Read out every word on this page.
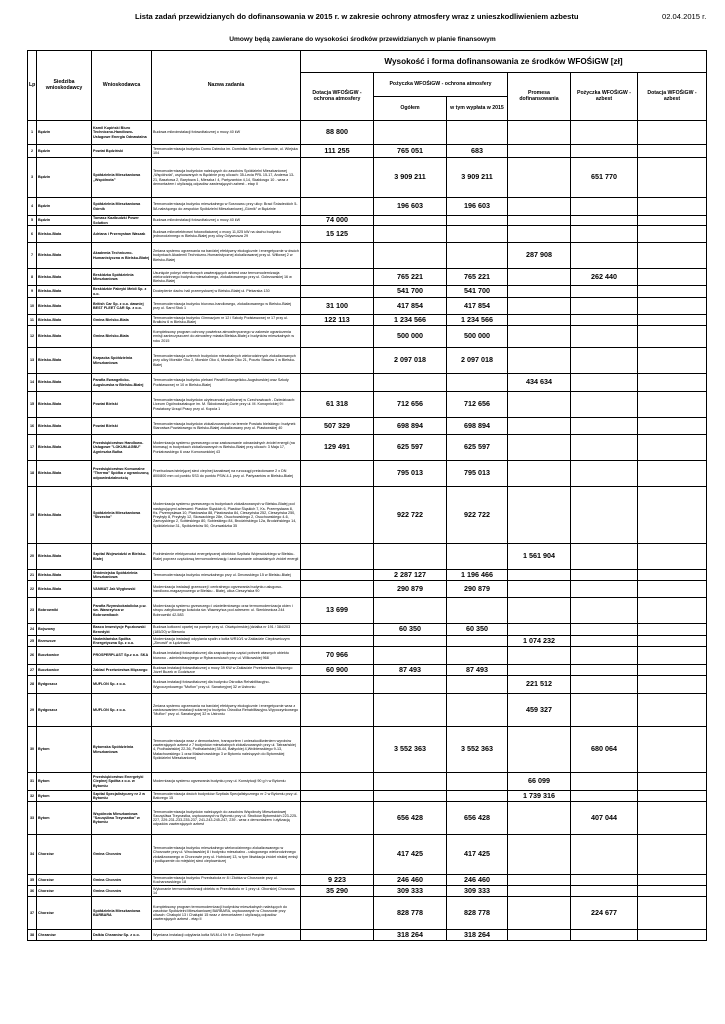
Lista zadań przewidzianych do dofinansowania w 2015 r. w zakresie ochrony atmosfery wraz z unieszkodliwieniem azbestu	02.04.2015 r.
Umowy będą zawierane do wysokości środków przewidzianych w planie finansowym
Lp	Siedziba wnioskodawcy	Wnioskodawca	Nazwa zadania	Wysokość i forma dofinansowania ze środków WFOŚiGW [zł]					
				Dotacja WFOŚiGW - ochrona atmosfery	Pożyczka WFOŚiGW - ochrona atmosfery		Promesa dofinansowania	Pożyczka WFOŚiGW - azbest	Dotacja WFOŚiGW - azbest
					Ogółem	w tym wypłata w 2015			
1	Będzin	Kamil Kupiński Biuro Techniczno-Handlowo-Usługowe Energia Odnawialna	Budowa mikroinstalacji fotowoltaicznej o mocy 40 kW	88 800					
2	Będzin	Powiat Będziński	Termomodernizacja budynku Domu Dziecka im. Dominika Savio w Sarnowie, ul. Wiejska 104	111 255	765 051	683			
3	Będzin	Spółdzielnia Mieszkaniowa „Wspólnota”	Termomodernizacja budynków należących do zasobów Spółdzielni Mieszkaniowej „Wspólnota”, usytuowanych w Będzinie przy ulicach: 35-Lecia PRL 15-17, Andersa 13-21, Basztowa 2, Barytowa 1, Mieszka I 4, Partyzantów 4,14, Skałdosgo 10 - wraz z demontażem i utylizacją odpadów zawierających azbest - etap II		3 909 211	3 909 211		651 770	
4	Będzin	Spółdzielnia Mieszkaniowa Górnik	Termomodernizacja budynku mieszkalnego w Sosnowcu przy ulicy: Braci Śniadeckich 5-5A należącego do zespołów Spółdzielni Mieszkaniowej „Górnik” w Będzinie		196 603	196 603			
5	Będzin	Tomasz Kazibudzki Power Solution	Budowa mikroinstalacji fotowoltaicznej o mocy 40 kW	74 000					
6	Bielsko-Biała	Adriana i Przemysław Waszak	Budowa mikroelektrowni fotowoltaicznej o mocy 11,025 kW na dachu budynku jednorodzinnego w Bielsku-Białej przy ulicy Odyseusza 29	15 125					
7	Bielsko-Biała	Akademia Techniczno-Humanistyczna w Bielsku-Białej	Zmiana systemu ogrzewania na bardziej efektywny ekologicznie i energetycznie w dwóch budynkach Akademii Techniczno-Humanistycznej zlokalizowanej przy ul. Willowej 2 w Bielsku-Białej				287 908		
8	Bielsko-Biała	Beskidzka Spółdzielnia Mieszkaniowa	Usunięcie pokryć eternitowych zawierających azbest oraz termomodernizacja wielorodzinnego budynku mieszkalnego, zlokalizowanego przy ul. Golezowskiej 16 w Bielsku-Białej		765 221	765 221		262 440	
9	Bielsko-Biała	Beskidzkie Fabryki Mebli Sp. z o.o.	Docieplenie dachu hali przemysłowej w Bielsku-Białej ul. Piekarska 130		541 700	541 700			
10	Bielsko-Biała	British Car Sp. z o.o. dawniej BEST FLEET CAR Sp. z o.o.	Termomodernizacja budynku biurowo-handlowego, zlokalizowanego w Bielsku-Białej przy ul. Sarni Stok 1	31 100	417 854	417 854			
11	Bielsko-Biała	Gmina Bielsko-Biała	Termomodernizacja budynku Gimnazjum nr 12 i Szkoły Podstawowej nr 17 przy ul. Brałków 6 w Bielsku-Białej	122 113	1 234 566	1 234 566			
12	Bielsko-Biała	Gmina Bielsko-Biała	Kompleksowy program ochrony powietrza atmosferycznego w zakresie ograniczenia emisji zanieczyszczeń do atmosfery miasta Bielska-Białej z budynków mieszkalnych w roku 2015		500 000	500 000			
13	Bielsko-Biała	Karpacka Spółdzielnia Mieszkaniowa	Termomodernizacja czterech budynków mieszkalnych wielorodzinnych zlokalizowanych przy ulicy Morskie Oko 2, Morskie Oko 4, Morskie Oko 21, Pocztu Stawów 1 w Bielsku-Białej		2 097 018	2 097 018			
14	Bielsko-Biała	Parafia Ewangelicko-Augsburska w Bielsku-Białej	Termomodernizacja budynku plebani Parafii Ewangelicko-Augsburskiej oraz Szkoły Podstawowej nr 10 w Bielsku-Białej				434 634		
15	Bielsko-Biała	Powiat Bielski	Termomodernizacja budynków użyteczności publicznej w Czechowicach - Dziedzicach: Liceum Ogólnokształcące im. M. Skłodowskiej-Curie przy ul. M. Konopnickiej 9 i Powiatowy Urząd Pracy przy ul. Kopcia 1	61 318	712 656	712 656			
16	Bielsko-Biała	Powiat Bielski	Termomodernizacja budynków zlokalizowanych na terenie Powiatu bielskiego: budynek Starostwa Powiatowego w Bielsku-Białej zlokalizowany przy ul. Piastowskiej 40	507 329	698 894	698 894			
17	Bielsko-Biała	Przedsiębiorstwo Handlowo-Usługowe "LOKUM-AGBU" Agnieszka Bułka	Modernizacja systemu grzewczego oraz zastosowanie odnawialnych źródeł energii (na biomasę) w budynkach zlokalizowanych w Bielsku-Białej przy ulicach: 3 Maja 17, Poniatowskiego 6 oraz Komorowickiej 43	129 491	625 597	625 597			
18	Bielsko-Biała	Przedsiębiorstwo Komunalne "Therma" Spółka z ograniczoną odpowiedzialnością	Przebudowa istniejącej sieci cieplnej kanałowej na ruroczągi preizolowane 2 x DN 800/800 mm od punktu SS3 do punktu PSW-4-1 przy ul. Partyzantów w Bielsku-Białej		795 013	795 013			
19	Bielsko-Biała	Spółdzielnia Mieszkaniowa "Strzecha"	Modernizacja systemu grzewczego w budynkach zlokalizowanych w Bielsku-Białej pod następującymi adresami: Piastów Śląskich 6, Piastów Śląskich 7, Ks. Przemysława 8, Ks. Przemysława 10, Piastowska 88, Piastowska 84, Cieszyńska 252, Cieszyńska 250, Przybyły 8, Przybyły 12, Skowackiego 28e, Osuchowskiego 2, Osuchowskiego 4-6, Zamoyskiego 2, Sobieskiego 80, Sobieskiego 84, Brodzińskiego 12a, Brodzińskiego 14, Spółdzielców 31, Spółdzielców 50, Grunwaldzka 35		922 722	922 722			
20	Bielsko-Biała	Szpital Wojewódzki w Bielsku-Białej	Podniesienie efektywności energetycznej obiektów Szpitala Wojewódzkiego w Bielsku-Białej poprzez częściową termomodernizację i zastosowanie odnawialnych źródeł energii				1 561 904		
21	Bielsko-Biała	Śródmiejska Spółdzielnia Mieszkaniowa	Termomodernizacja budynku mieszkalnego przy ul. Dmowskiego 15 w Bielsku-Białej		2 287 127	1 196 466			
22	Bielsko-Biała	VANMAT Jak Wygłowski	Modernizacja instalacji grzewczej i centralnego ogrzewania budynku usługowo-handlowo-magazynowego w Bielsku - Białej, ulica Cieszyńska 90		290 879	290 879			
23	Bobrowniki	Parafia Rzymskokatolicka p.w. św. Wawrzyńca w Bobrownikach	Modernizacja systemu grzewczego i oświetleniowego oraz termomodernizacja okien i stropu zabytkowego kościoła św. Wawrzyńca pod adresem: ul. Sienkiewicza 244 Bobrowniki 42-583	13 699					
24	Bojszowy	Basco Inwestycje Pęczkowski Benedykt	Budowa kotłowni opartej na pompie przy ul. Oświęcimskiej (działka nr 191 / 384/203 (185/20) w Bieruniu		60 350	60 350			
25	Brzeszcze	Nadwiślańska Spółka Energetyczna Sp. z o.o.	Modernizacja instalacji odpylania spalin z kotła WR10/1 w Zakładzie Ciepłowniczym „Zimowit” w Łędzinach				1 074 232		
26	Buczkowice	PROSPERPLAST Sp.z o.o. SKA	Budowa instalacji fotowoltaicznej dla zaspokojenia części potrzeb własnych obiektu biurowo - administracyjnego w Rybarzowicach przy ul. Wilkowskiej 968	70 966					
27	Buczkowice	Zakład Przetwórstwa Mięsnego	Budowa instalacji fotowoltaicznej o mocy 39 KW w Zakładzie Przetwórstwa Mięsnego Józef Buzek w Godziszce	60 900	87 493	87 493			
28	Bydgoszcz	MUFLON Sp. z o.o.	Budowa instalacji fotowoltaicznej dla budynku Ośrodka Rehabilitacyjno-Wypoczynkowego "Muflon" przy ul. Sanatoryjnej 32 w Ustroniu				221 512		
29	Bydgoszcz	MUFLON Sp. z o.o.	Zmiana systemu ogrzewania na bardziej efektywny ekologicznie i energetycznie wraz z zastosowaniem instalacji solarnej w budynku Ośrodka Rehabilitacyjno-Wypoczynkowego "Muflon" przy ul. Sanatoryjnej 32 w Ustroniu				459 327		
30	Bytom	Bytomska Spółdzielnia Mieszkaniowa	Termomodernizacja wraz z demontażem, transportem i unieszkodliwieniem wyrobów zawierających azbest z 7 budynków mieszkalnych zlokalizowanych przy ul. Tatrzańskiej 4, Podhalańskiej 22-36, Podhalańskiej 38-44, Bałtyckiej 4,Wróblewskiego 9-13, Małachowskiego 1 oraz Małachowskiego 3 w Bytomiu należących do Bytomskiej Spółdzielni Mieszkaniowej		3 552 363	3 552 363		680 064	
31	Bytom	Przedsiębiorstwo Energetyki Cieplnej Spółka z o.o. w Bytomiu	Modernizacja systemu ogrzewania budynku przy ul. Konstytucji 90 g h w Bytomiu				66 099		
32	Bytom	Szpital Specjalistyczny nr 2 w Bytomiu	Termomodernizacja dwóch budynków Szpitala Specjalistycznego nr 2 w Bytomiu przy ul. Batorego 15				1 739 316		
33	Bytom	Wspólnota Mieszkaniowa "Szczęśliwa Trzynastka" w Bytomiu	Termomodernizacja budynków należących do zasobów Wspólnoty Mieszkaniowej Szczęśliwa Trzynastka, usytuowanych w Bytomiu przy ul. Stroików Bytomskich 223-225-227, 229-231-233-235-237, 241-243-245-247, 239 - wraz z demontażem i utylizacją odpadów zawierających azbest		656 428	656 428		407 044	
34	Chorzów	Gmina Chorzów	Termomodernizacja budynku mieszkalnego wielorodzinnego zlokalizowanego w Chorzowie przy ul. Wrocławskiej 8 i budynku mieszkalno - usługowego wielorodzinnego zlokalizowanego w Chorzowie przy ul. Hutniczej 13, w tym likwidacja źródeł niskiej emisji i podłączenie do miejskiej sieci ciepłowniczej		417 425	417 425			
35	Chorzów	Gmina Chorzów	Termomodernizacja budynku Przedszkola nr 8 i Żłobka w Chorzowie przy ul. Kochanowskiego 18	9 223	246 460	246 460			
36	Chorzów	Gmina Chorzów	Wykonanie termomodernizacji obiektu w Przedszkolu nr 1 przy ul. Oborskiej Chorzowa 14	35 290	309 333	309 333			
37	Chorzów	Spółdzielnia Mieszkaniowa BARBARA	Kompleksowy program termomodernizacji budynków mieszkalnych należących do zasobów Spółdzielni Mieszkaniowej BARBARA, usytuowanych w Chorzowie przy ulicach: Chałupki 13 i Chałupki 15 wraz z demontażem i utylizacją odpadów zawierających azbest - etap II		828 778	828 778		224 677	
38	Chrzanów	Dalkia Chrzanów Sp. z o.o.	Wymiana instalacji odpylania kotła WLM-4 Nr 9 w Ciepłowni Porębie		318 264	318 264			
